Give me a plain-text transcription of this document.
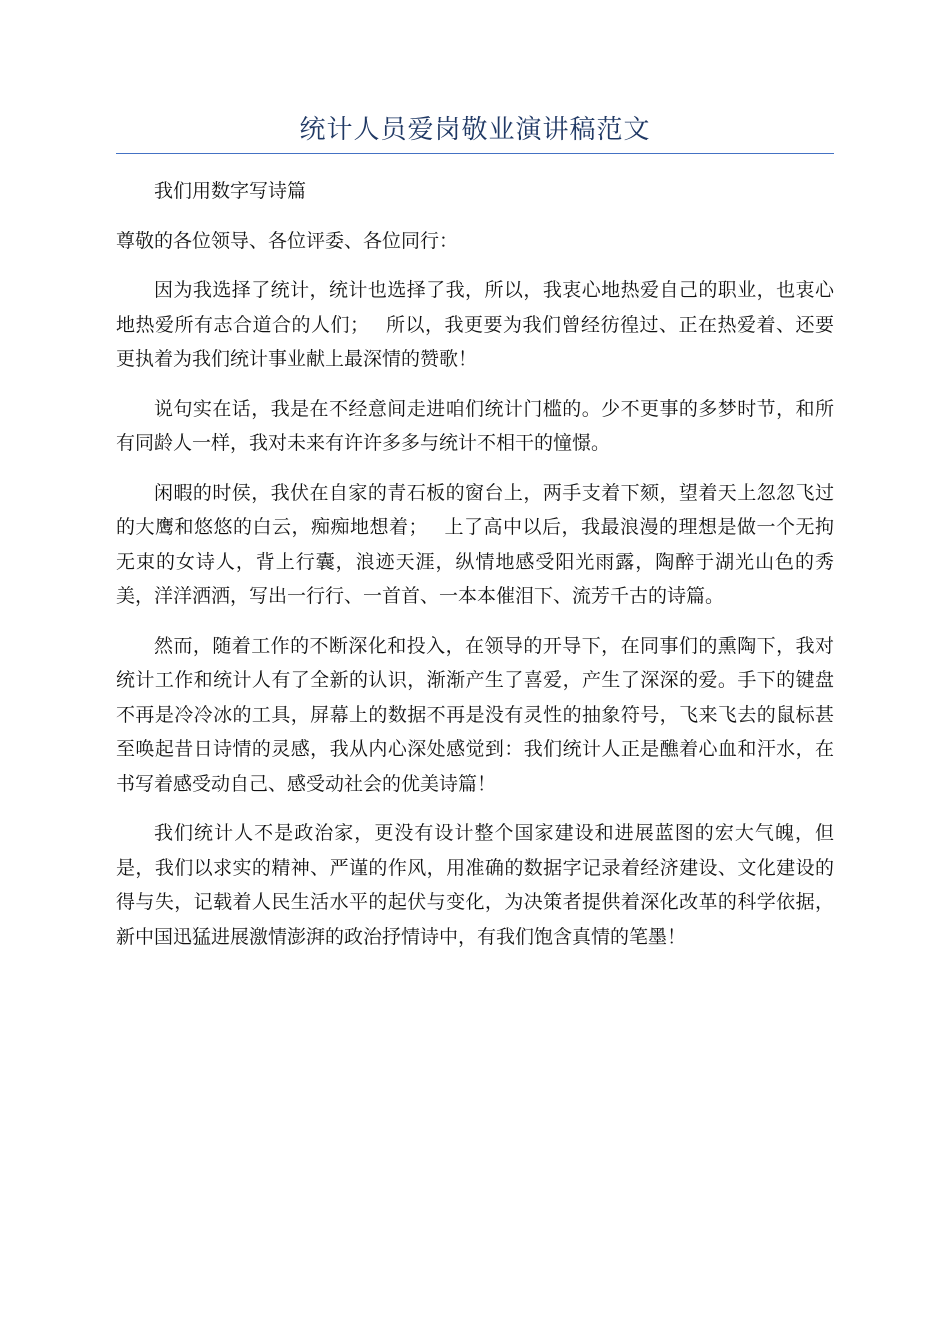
统计人员爱岗敬业演讲稿范文

我们用数字写诗篇

尊敬的各位领导、各位评委、各位同行：

因为我选择了统计，统计也选择了我，所以，我衷心地热爱自己的职业，也衷心地热爱所有志合道合的人们；　 所以，我更要为我们曾经彷徨过、正在热爱着、还要更执着为我们统计事业献上最深情的赞歌！

说句实在话，我是在不经意间走进咱们统计门槛的。少不更事的多梦时节，和所有同龄人一样，我对未来有许许多多与统计不相干的憧憬。

闲暇的时侯，我伏在自家的青石板的窗台上，两手支着下颏，望着天上忽忽飞过的大鹰和悠悠的白云，痴痴地想着；　 上了高中以后，我最浪漫的理想是做一个无拘无束的女诗人，背上行囊，浪迹天涯，纵情地感受阳光雨露，陶醉于湖光山色的秀美，洋洋洒洒，写出一行行、一首首、一本本催泪下、流芳千古的诗篇。

然而，随着工作的不断深化和投入，在领导的开导下，在同事们的熏陶下，我对统计工作和统计人有了全新的认识，渐渐产生了喜爱，产生了深深的爱。手下的键盘不再是冷冷冰的工具，屏幕上的数据不再是没有灵性的抽象符号，飞来飞去的鼠标甚至唤起昔日诗情的灵感，我从内心深处感觉到：我们统计人正是醮着心血和汗水，在书写着感受动自己、感受动社会的优美诗篇！

我们统计人不是政治家，更没有设计整个国家建设和进展蓝图的宏大气魄，但是，我们以求实的精神、严谨的作风，用准确的数据字记录着经济建设、文化建设的得与失，记载着人民生活水平的起伏与变化，为决策者提供着深化改革的科学依据，新中国迅猛进展激情澎湃的政治抒情诗中，有我们饱含真情的笔墨！
